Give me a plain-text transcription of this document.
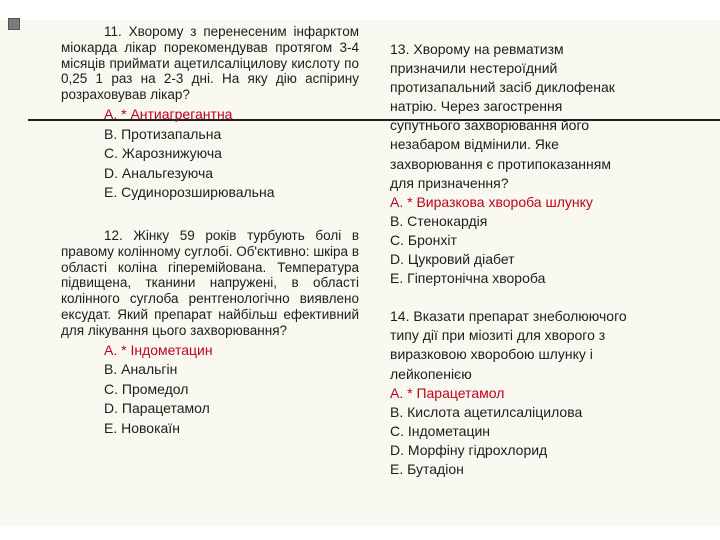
11. Хворому з перенесеним інфарктом міокарда лікар порекомендував протягом 3-4 місяців приймати ацетилсаліцилову кислоту по 0,25 1 раз на 2-3 дні. На яку дію аспірину розраховував лікар?
А. * Антиагрегантна
В. Протизапальна
С. Жарознижуюча
D. Анальгезуюча
Е. Судинорозширювальна
12. Жінку 59 років турбують болі в правому колінному суглобі. Об'єктивно: шкіра в області коліна гіперемійована. Температура підвищена, тканини напружені, в області колінного суглоба рентгенологічно виявлено ексудат. Який препарат найбільш ефективний для лікування цього захворювання?
А. * Індометацин
В. Анальгін
С. Промедол
D. Парацетамол
Е. Новокаїн
13. Хворому на ревматизм
призначили нестероїдний
протизапальний засіб диклофенак
натрію. Через загострення
супутнього захворювання його
незабаром відмінили. Яке
захворювання є протипоказанням
для призначення?
А. * Виразкова хвороба шлунку
В. Стенокардія
С. Бронхіт
D. Цукровий діабет
Е. Гіпертонічна хвороба
14. Вказати препарат знеболюючого
типу дії при міозиті для хворого з
виразковою хворобою шлунку і
лейкопенією
А. * Парацетамол
В. Кислота ацетилсаліцилова
С. Індометацин
D. Морфіну гідрохлорид
Е. Бутадіон
